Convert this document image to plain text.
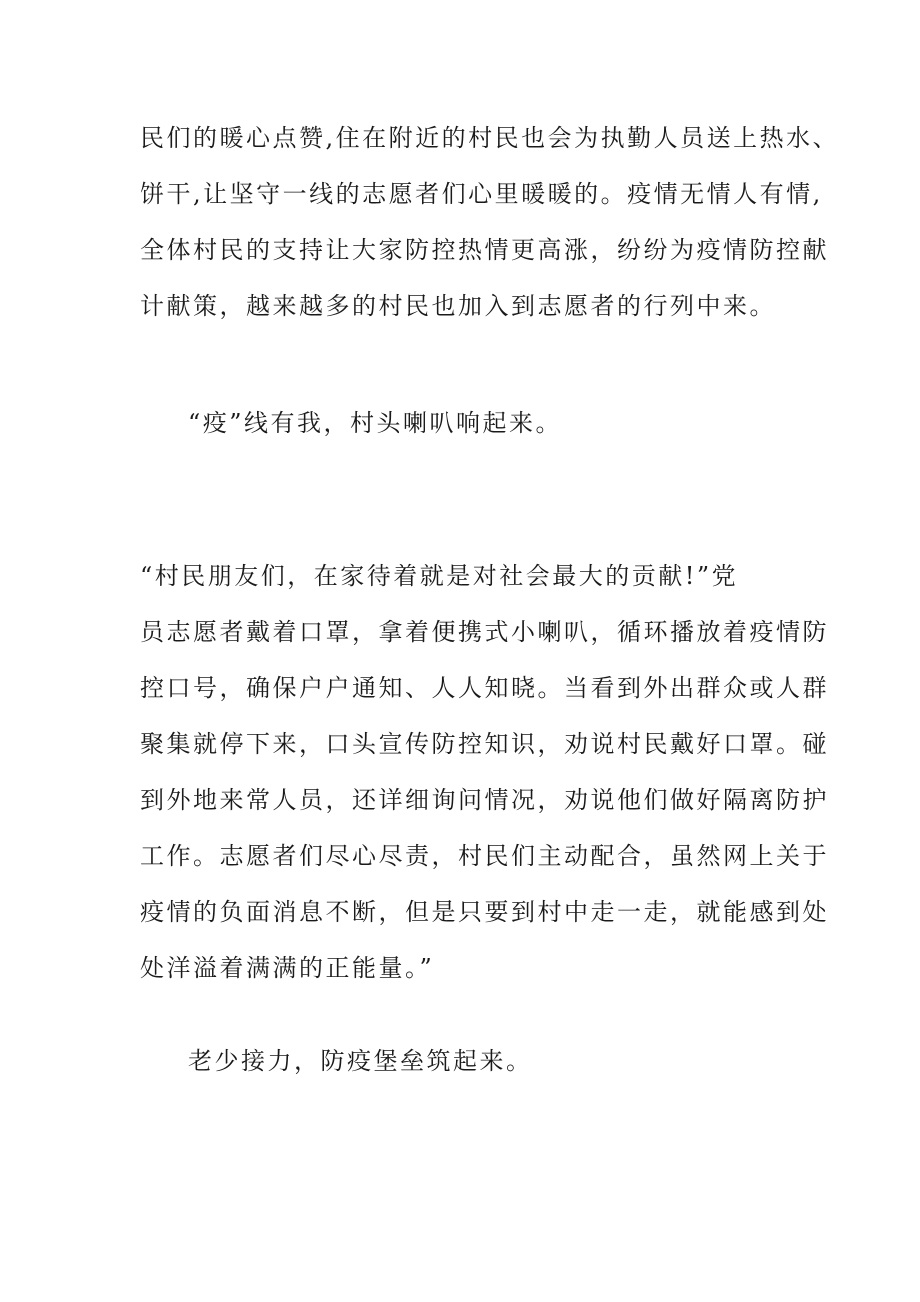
民们的暖心点赞,住在附近的村民也会为执勤人员送上热水、
饼干,让坚守一线的志愿者们心里暖暖的。疫情无情人有情,
全体村民的支持让大家防控热情更高涨，纷纷为疫情防控献
计献策，越来越多的村民也加入到志愿者的行列中来。
“疫”线有我，村头喇叭响起来。
“村民朋友们，在家待着就是对社会最大的贡献!”党
员志愿者戴着口罩，拿着便携式小喇叭，循环播放着疫情防
控口号，确保户户通知、人人知晓。当看到外出群众或人群
聚集就停下来，口头宣传防控知识，劝说村民戴好口罩。碰
到外地来常人员，还详细询问情况，劝说他们做好隔离防护
工作。志愿者们尽心尽责，村民们主动配合，虽然网上关于
疫情的负面消息不断，但是只要到村中走一走，就能感到处
处洋溢着满满的正能量。”
老少接力，防疫堡垒筑起来。
